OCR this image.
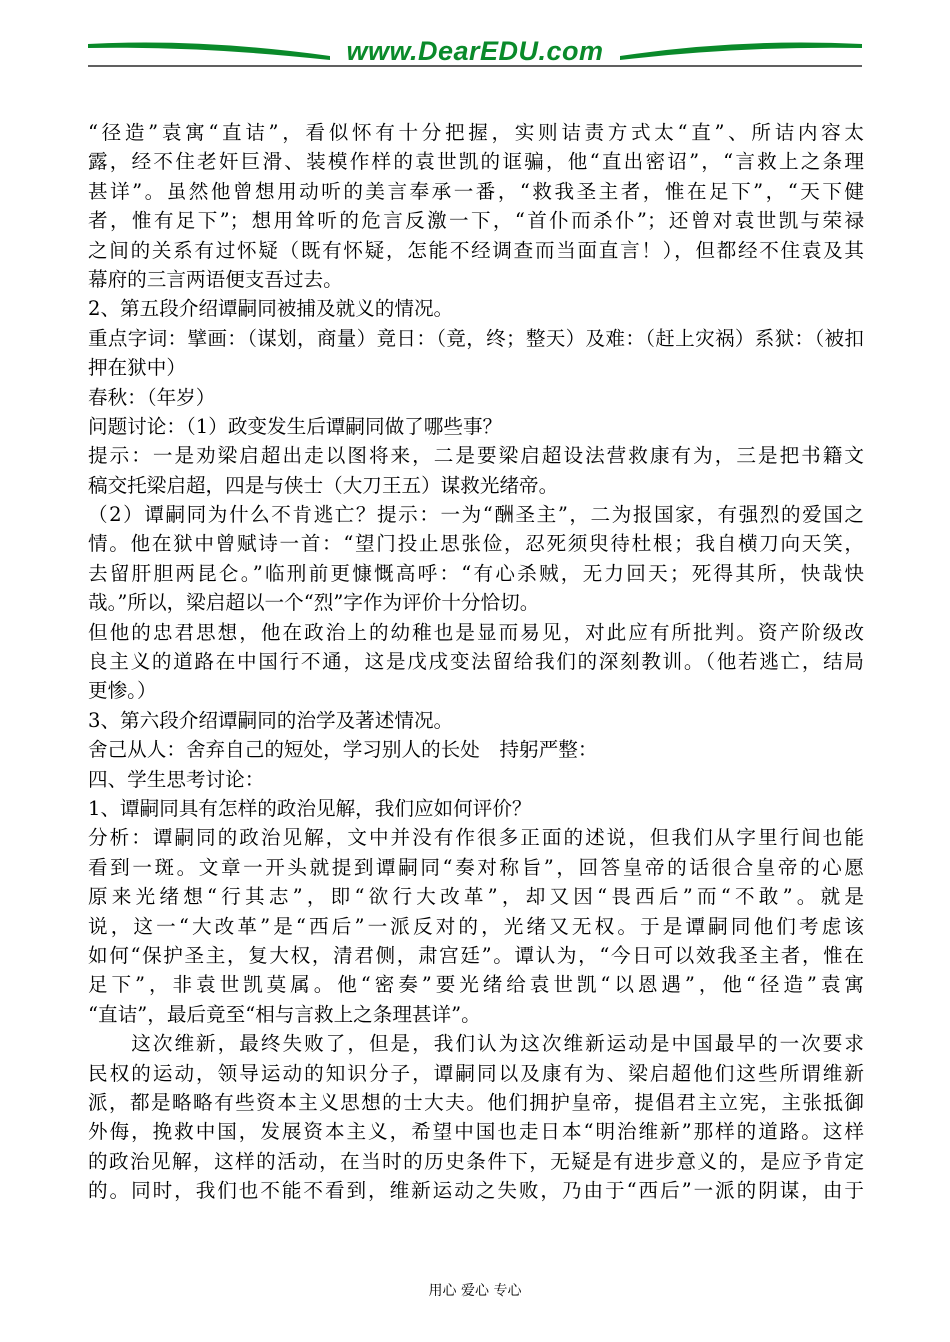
www.DearEDU.com
“径造”袁寓“直诘”，看似怀有十分把握，实则诘责方式太“直”、所诘内容太
露，经不住老奸巨滑、装模作样的袁世凯的诓骗，他“直出密诏”，“言救上之条理
甚详”。虽然他曾想用动听的美言奉承一番，“救我圣主者，惟在足下”，“天下健
者，惟有足下”；想用耸听的危言反激一下，“首仆而杀仆”；还曾对袁世凯与荣禄
之间的关系有过怀疑（既有怀疑，怎能不经调查而当面直言！），但都经不住袁及其
幕府的三言两语便支吾过去。
2、第五段介绍谭嗣同被捕及就义的情况。
重点字词：擘画：（谋划，商量）竟日：（竟，终；整天）及难：（赶上灾祸）系狱：（被扣
押在狱中）
春秋：（年岁）
问题讨论：（1）政变发生后谭嗣同做了哪些事？
提示：一是劝梁启超出走以图将来，二是要梁启超设法营救康有为，三是把书籍文
稿交托梁启超，四是与侠士（大刀王五）谋救光绪帝。
（2）谭嗣同为什么不肯逃亡？提示：一为“酬圣主”，二为报国家，有强烈的爱国之
情。他在狱中曾赋诗一首：“望门投止思张俭，忍死须臾待杜根；我自横刀向天笑，
去留肝胆两昆仑。”临刑前更慷慨高呼：“有心杀贼，无力回天；死得其所，快哉快
哉。”所以，梁启超以一个“烈”字作为评价十分恰切。
但他的忠君思想，他在政治上的幼稚也是显而易见，对此应有所批判。资产阶级改
良主义的道路在中国行不通，这是戊戌变法留给我们的深刻教训。（他若逃亡，结局
更惨。）
3、第六段介绍谭嗣同的治学及著述情况。
舍己从人：舍弃自己的短处，学习别人的长处　持躬严整：
四、学生思考讨论：
1、谭嗣同具有怎样的政治见解，我们应如何评价？
分析：谭嗣同的政治见解，文中并没有作很多正面的述说，但我们从字里行间也能
看到一斑。文章一开头就提到谭嗣同“奏对称旨”，回答皇帝的话很合皇帝的心愿
原来光绪想“行其志”，即“欲行大改革”，却又因“畏西后”而“不敢”。就是
说，这一“大改革”是“西后”一派反对的，光绪又无权。于是谭嗣同他们考虑该
如何“保护圣主，复大权，清君侧，肃宫廷”。谭认为，“今日可以效我圣主者，惟在
足下”，非袁世凯莫属。他“密奏”要光绪给袁世凯“以恩遇”，他“径造”袁寓
“直诘”，最后竟至“相与言救上之条理甚详”。
　　这次维新，最终失败了，但是，我们认为这次维新运动是中国最早的一次要求
民权的运动，领导运动的知识分子，谭嗣同以及康有为、梁启超他们这些所谓维新
派，都是略略有些资本主义思想的士大夫。他们拥护皇帝，提倡君主立宪，主张抵御
外侮，挽救中国，发展资本主义，希望中国也走日本“明治维新”那样的道路。这样
的政治见解，这样的活动，在当时的历史条件下，无疑是有进步意义的，是应予肯定
的。同时，我们也不能不看到，维新运动之失败，乃由于“西后”一派的阴谋，由于
用心 爱心 专心
